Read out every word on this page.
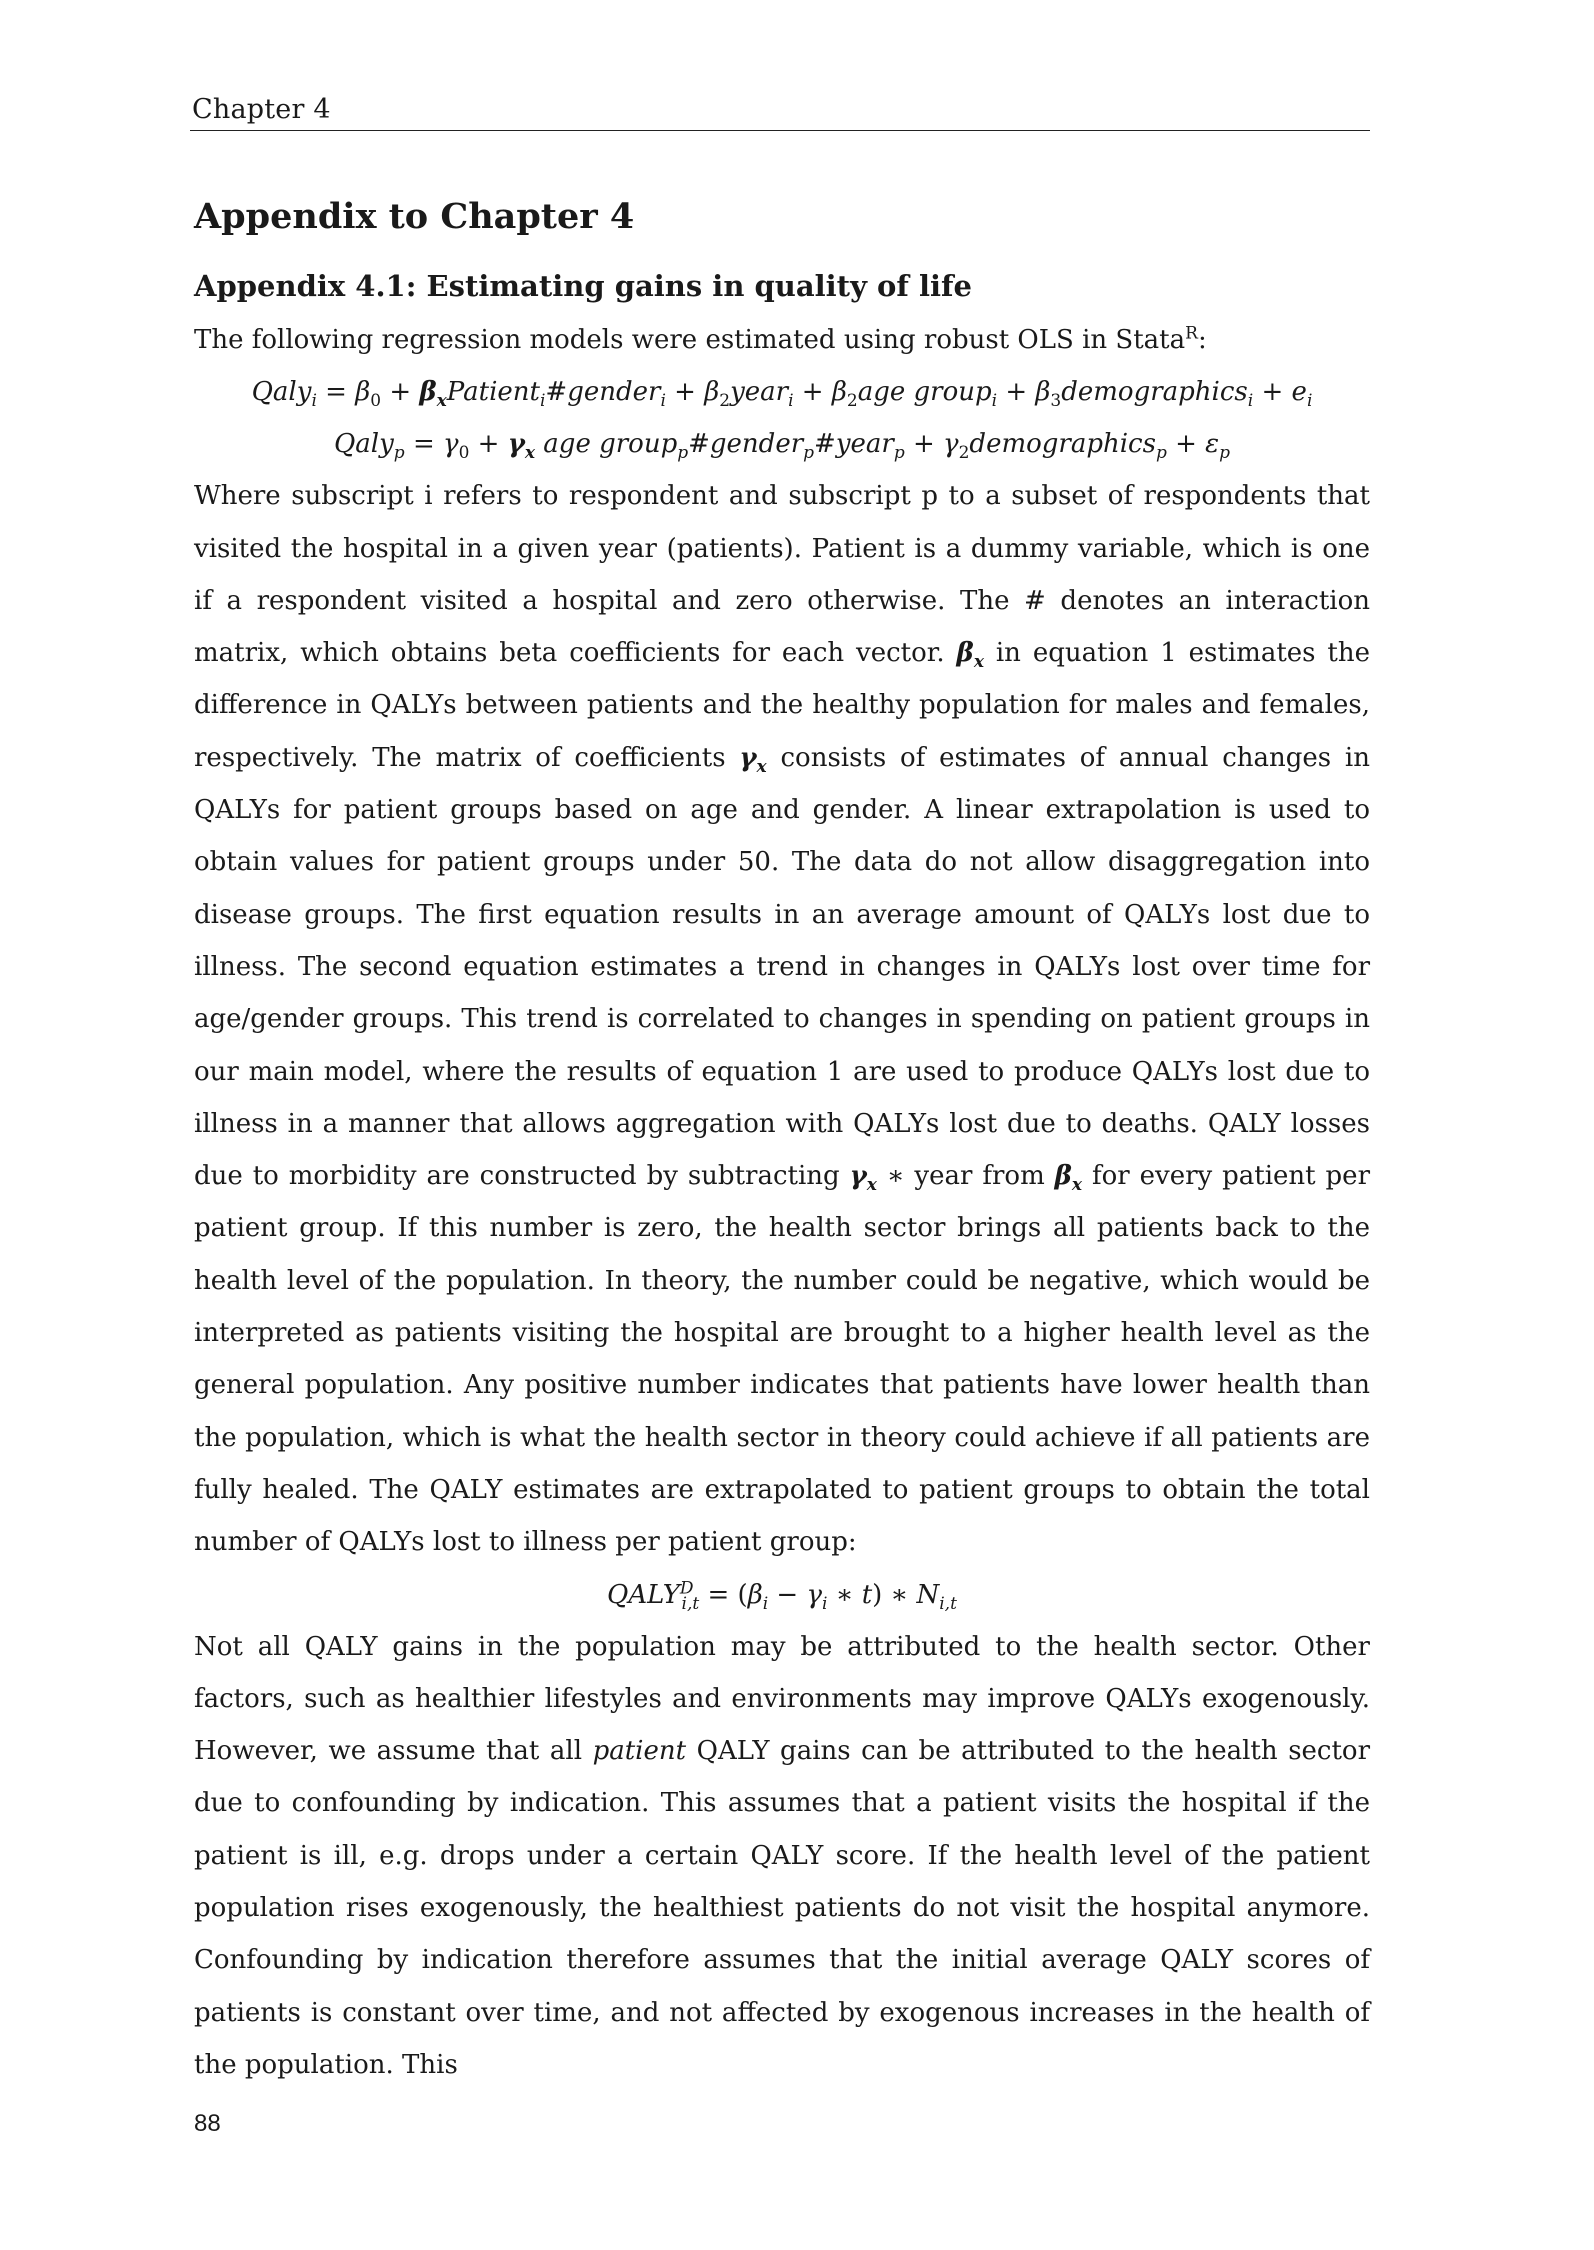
Chapter 4
Appendix to Chapter 4
Appendix 4.1: Estimating gains in quality of life

The following regression models were estimated using robust OLS in Stata$^R$:

Qaly$_i$ = $\beta_0$ + $\beta_xPatient_i\#gender_i$ + $\beta_2year_i + \beta_2age$ group$_i$ + $\beta_3demographics_i + e_i$
Qaly$_p$ = $\gamma_0 + \gamma_x$ age group$_p$#gender$_p$#year$_p$ + $\gamma_2demographics_p + \varepsilon_p$

Where subscript i refers to respondent and subscript p to a subset of respondents that visited the hospital in a given year (patients). Patient is a dummy variable, which is one if a respondent visited a hospital and zero otherwise. The # denotes an interaction matrix, which obtains beta coefficients for each vector. $\beta_x$ in equation 1 estimates the difference in QALYs between patients and the healthy population for males and females, respectively. The matrix of coefficients $\gamma_x$ consists of estimates of annual changes in QALYs for patient groups based on age and gender. A linear extrapolation is used to obtain values for patient groups under 50. The data do not allow disaggregation into disease groups. The first equation results in an average amount of QALYs lost due to illness. The second equation estimates a trend in changes in QALYs lost over time for age/gender groups. This trend is correlated to changes in spending on patient groups in our main model, where the results of equation 1 are used to produce QALYs lost due to illness in a manner that allows aggregation with QALYs lost due to deaths. QALY losses due to morbidity are constructed by subtracting $\gamma_x$ ∗ year from $\beta_x$ for every patient per patient group. If this number is zero, the health sector brings all patients back to the health level of the population. In theory, the number could be negative, which would be interpreted as patients visiting the hospital are brought to a higher health level as the general population. Any positive number indicates that patients have lower health than the population, which is what the health sector in theory could achieve if all patients are fully healed. The QALY estimates are extrapolated to patient groups to obtain the total number of QALYs lost to illness per patient group:

$QALY^D_{i,t} = (\beta_i - \gamma_i$ ∗ t) ∗ $N_{i,t}$

Not all QALY gains in the population may be attributed to the health sector. Other factors, such as healthier lifestyles and environments may improve QALYs exogenously. However, we assume that all patient QALY gains can be attributed to the health sector due to confounding by indication. This assumes that a patient visits the hospital if the patient is ill, e.g. drops under a certain QALY score. If the health level of the patient population rises exogenously, the healthiest patients do not visit the hospital anymore. Confounding by indication therefore assumes that the initial average QALY scores of patients is constant over time, and not affected by exogenous increases in the health of the population. This

88
